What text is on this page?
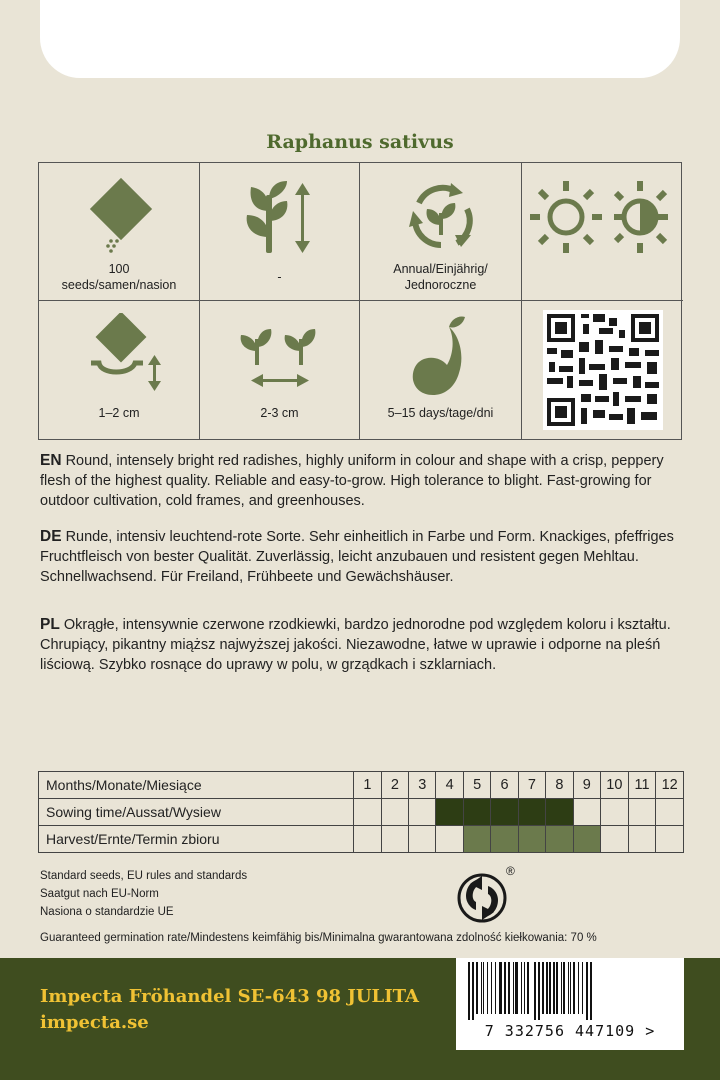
Raphanus sativus
100
seeds/samen/nasion
-
Annual/Einjährig/
Jednoroczne
1–2 cm	2-3 cm	5–15 days/tage/dni
EN Round, intensely bright red radishes, highly uniform in colour and shape with a crisp, peppery flesh of the highest quality. Reliable and easy-to-grow. High tolerance to blight. Fast-growing for outdoor cultivation, cold frames, and greenhouses.
DE Runde, intensiv leuchtend-rote Sorte. Sehr einheitlich in Farbe und Form. Knackiges, pfeffriges Fruchtfleisch von bester Qualität. Zuverlässig, leicht anzubauen und resistent gegen Mehltau. Schnellwachsend. Für Freiland, Frühbeete und Gewächshäuser.
PL Okrągłe, intensywnie czerwone rzodkiewki, bardzo jednorodne pod względem koloru i kształtu. Chrupiący, pikantny miąższ najwyższej jakości. Niezawodne, łatwe w uprawie i odporne na pleśń liściową. Szybko rosnące do uprawy w polu, w grządkach i szklarniach.
Months/Monate/Miesiące	1	2	3	4	5	6	7	8	9	10	11	12
Sowing time/Aussat/Wysiew												
Harvest/Ernte/Termin zbioru												
Standard seeds, EU rules and standards
Saatgut nach EU-Norm
Nasiona o standardzie UE
®
Guaranteed germination rate/Mindestens keimfähig bis/Minimalna gwarantowana zdolność kiełkowania: 70 %
Impecta Fröhandel SE-643 98 JULITA
impecta.se	7 332756 447109 >
